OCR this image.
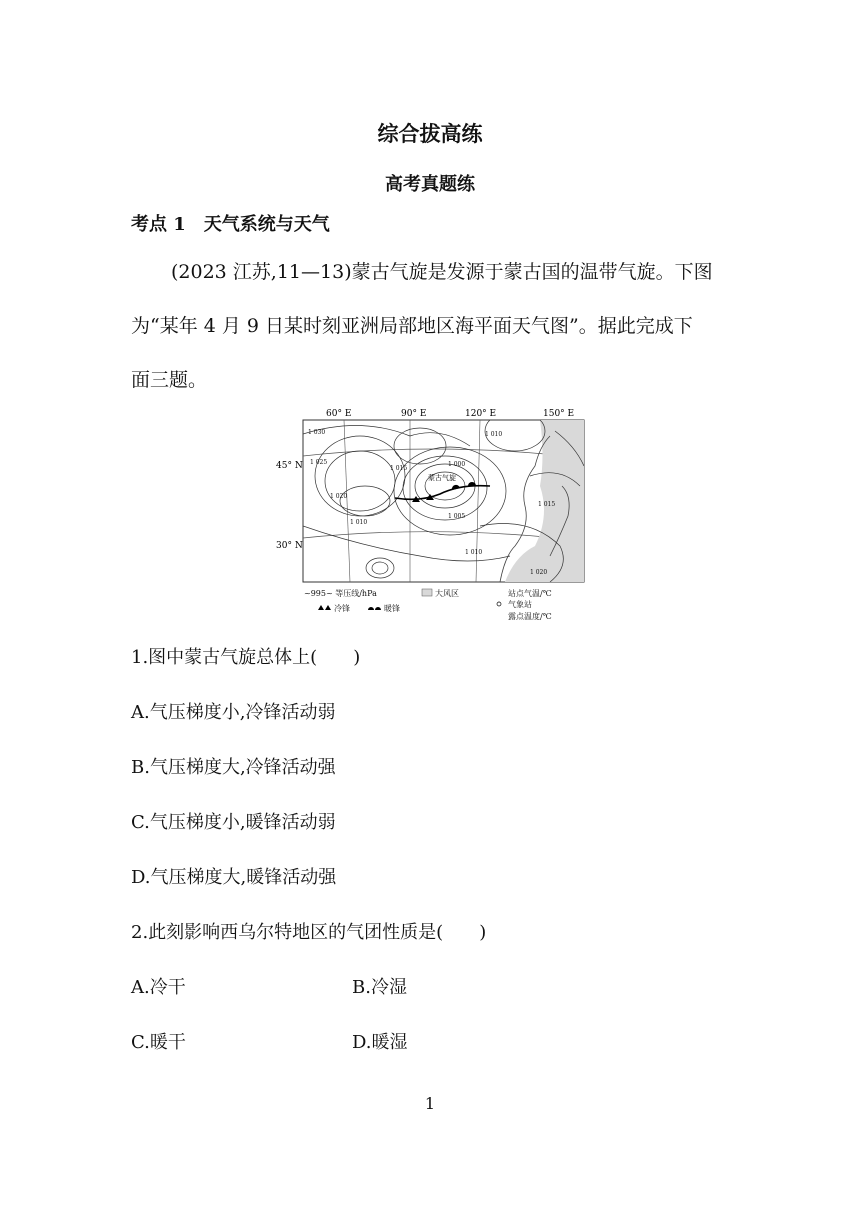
综合拔高练
高考真题练
考点 1　天气系统与天气
(2023 江苏,11—13)蒙古气旋是发源于蒙古国的温带气旋。下图
为“某年 4 月 9 日某时刻亚洲局部地区海平面天气图”。据此完成下
面三题。
60° E	90° E	120° E	150° E
45° N
30° N
1 030
1 025
1 020
1 015
1 010
1 000
1 005
1 010
1 015
1 020
1 010
蒙古气旋
~995~ 等压线/hPa	大风区
冷锋	暖锋
站点气温/℃
气象站
露点温度/℃
1.图中蒙古气旋总体上(　　)
A.气压梯度小,冷锋活动弱
B.气压梯度大,冷锋活动强
C.气压梯度小,暖锋活动弱
D.气压梯度大,暖锋活动强
2.此刻影响西乌尔特地区的气团性质是(　　)
A.冷干	B.冷湿
C.暖干	D.暖湿
1
